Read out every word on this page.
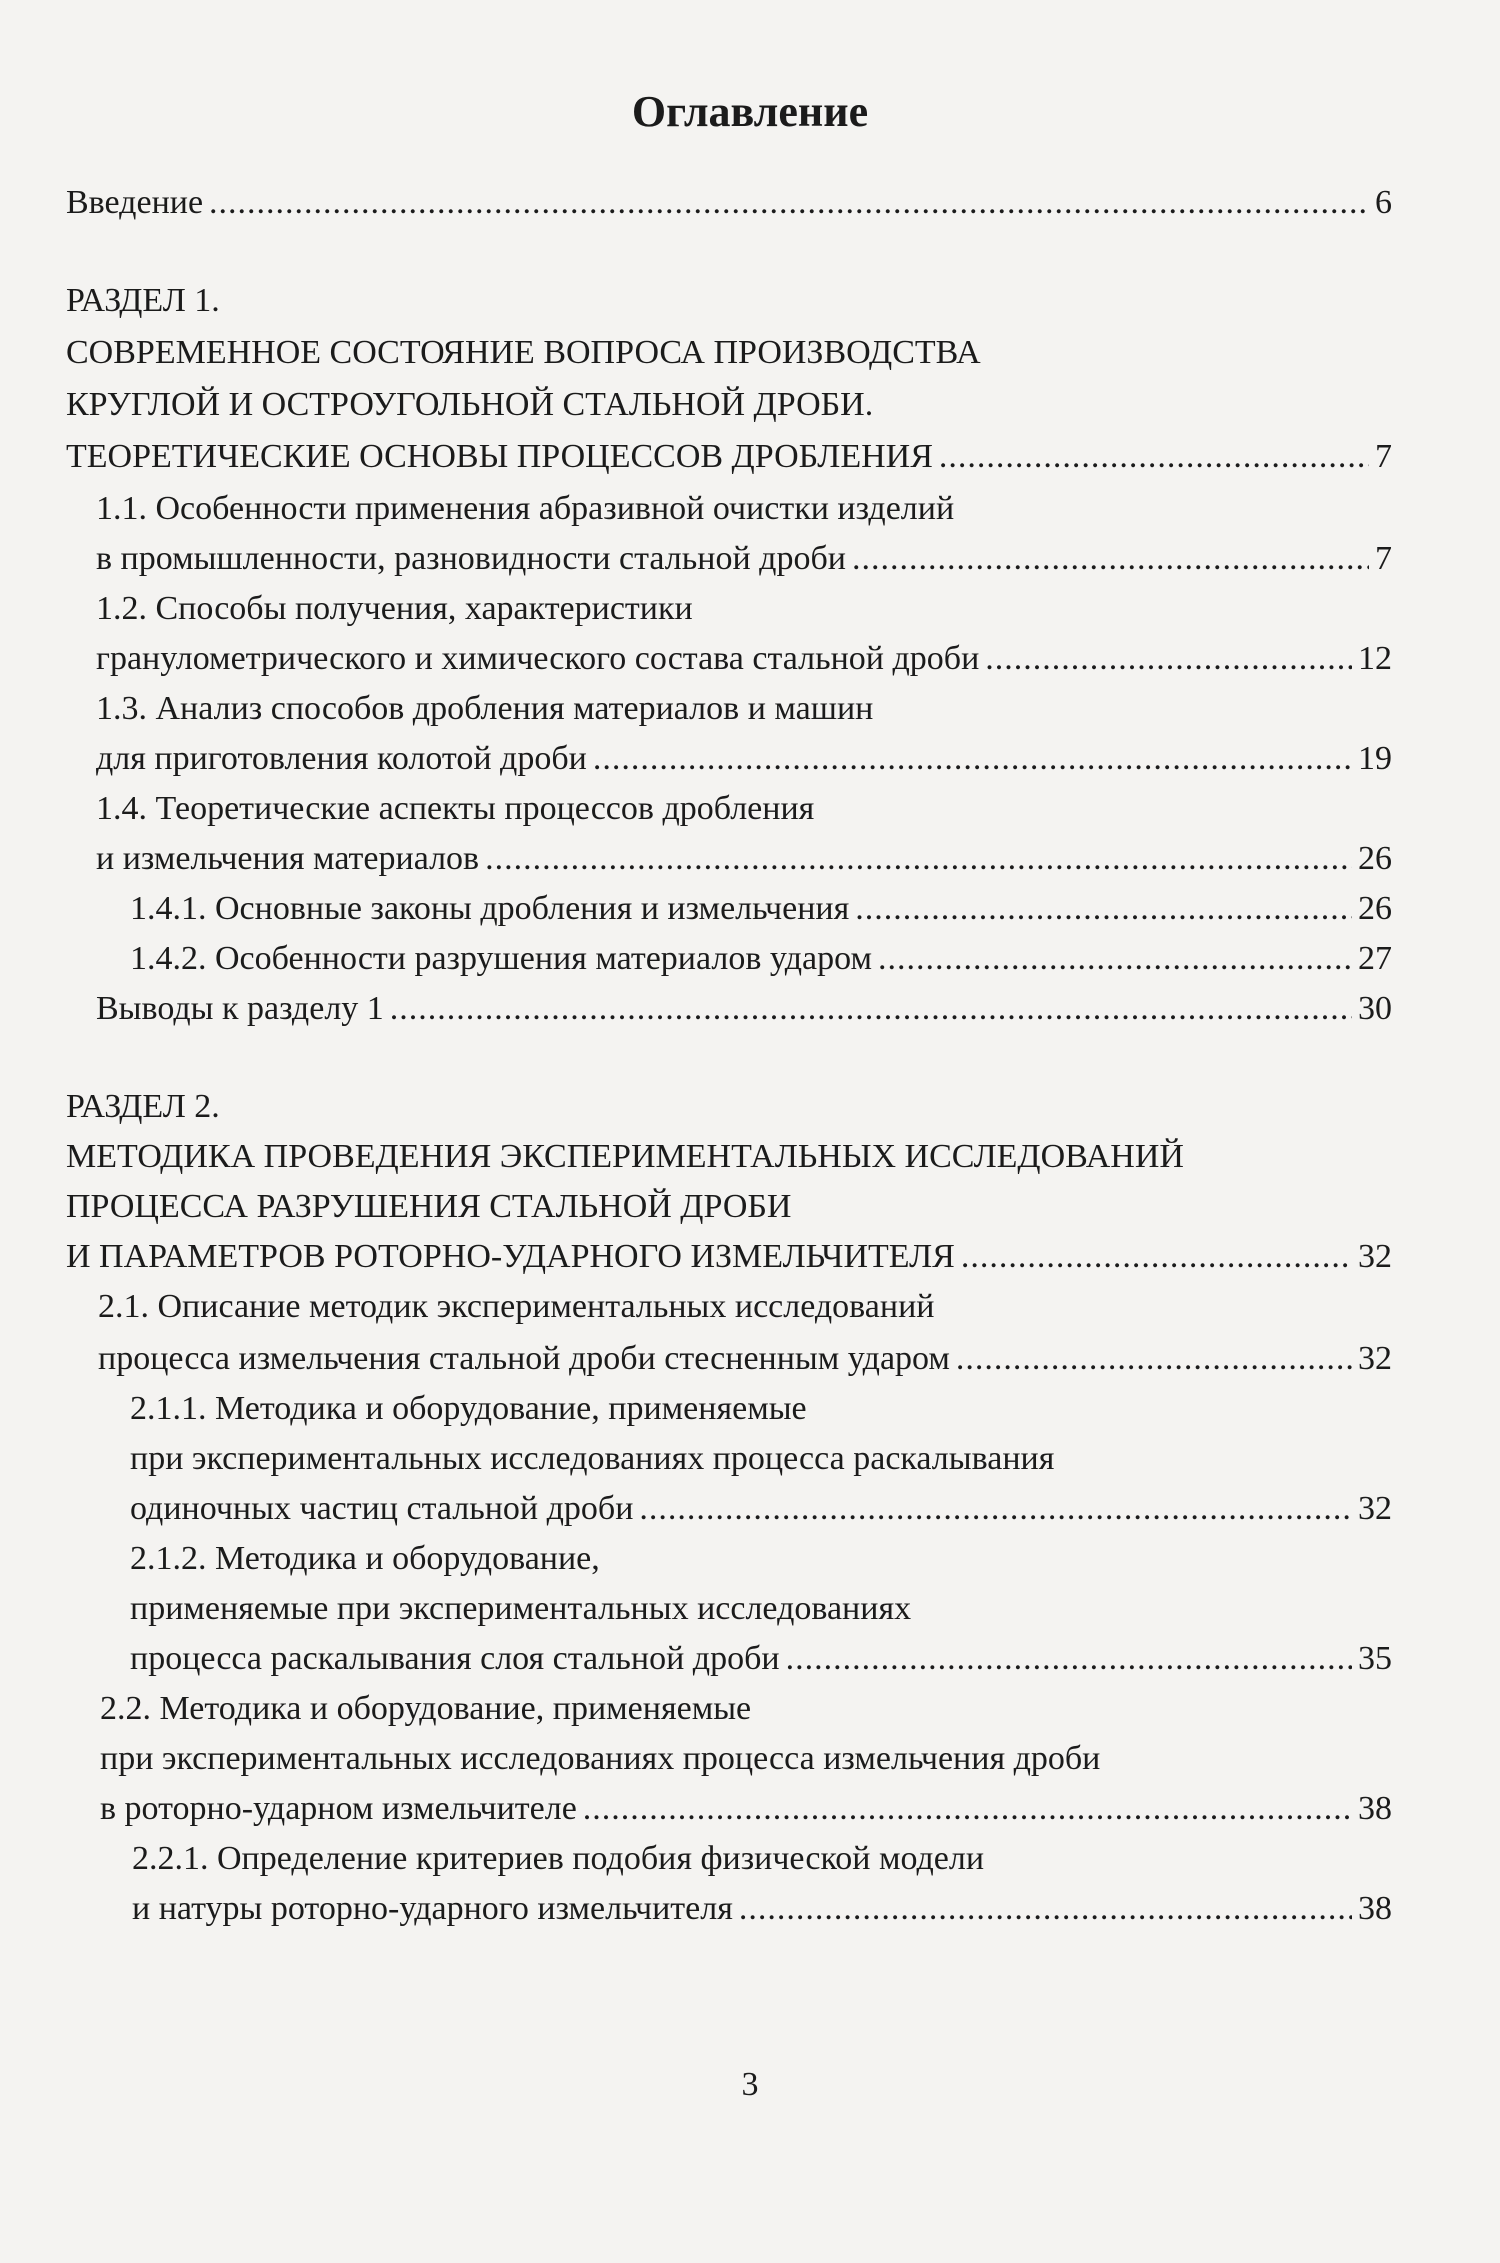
Оглавление
Введение .....	6
РАЗДЕЛ 1.
СОВРЕМЕННОЕ СОСТОЯНИЕ ВОПРОСА ПРОИЗВОДСТВА
КРУГЛОЙ И ОСТРОУГОЛЬНОЙ СТАЛЬНОЙ ДРОБИ.
ТЕОРЕТИЧЕСКИЕ ОСНОВЫ ПРОЦЕССОВ ДРОБЛЕНИЯ .....	7
1.1. Особенности применения абразивной очистки изделий
в промышленности, разновидности стальной дроби .....	7
1.2. Способы получения, характеристики
гранулометрического и химического состава стальной дроби .....	12
1.3. Анализ способов дробления материалов и машин
для приготовления колотой дроби .....	19
1.4. Теоретические аспекты процессов дробления
и измельчения материалов .....	26
1.4.1. Основные законы дробления и измельчения .....	26
1.4.2. Особенности разрушения материалов ударом .....	27
Выводы к разделу 1 .....	30
РАЗДЕЛ 2.
МЕТОДИКА ПРОВЕДЕНИЯ ЭКСПЕРИМЕНТАЛЬНЫХ ИССЛЕДОВАНИЙ
ПРОЦЕССА РАЗРУШЕНИЯ СТАЛЬНОЙ ДРОБИ
И ПАРАМЕТРОВ РОТОРНО-УДАРНОГО ИЗМЕЛЬЧИТЕЛЯ .....	32
2.1. Описание методик экспериментальных исследований
процесса измельчения стальной дроби стесненным ударом .....	32
2.1.1. Методика и оборудование, применяемые
при экспериментальных исследованиях процесса раскалывания
одиночных частиц стальной дроби .....	32
2.1.2. Методика и оборудование,
применяемые при экспериментальных исследованиях
процесса раскалывания слоя стальной дроби .....	35
2.2. Методика и оборудование, применяемые
при экспериментальных исследованиях процесса измельчения дроби
в роторно-ударном измельчителе .....	38
2.2.1. Определение критериев подобия физической модели
и натуры роторно-ударного измельчителя .....	38
3
